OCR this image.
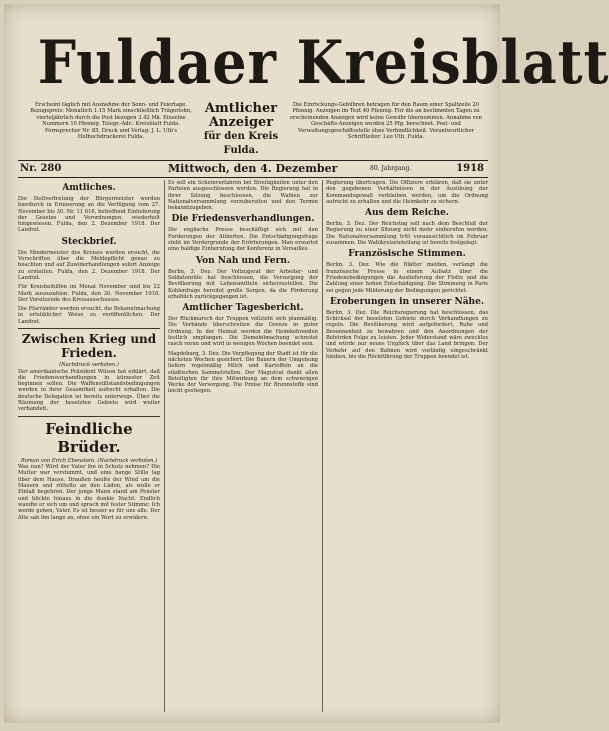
Fuldaer Kreisblatt
Erscheint täglich mit Ausnahme der Sonn- und Feiertage. Bezugspreis: Monatlich 1.15 Mark einschließlich Trägerlohn, vierteljährlich durch die Post bezogen 3.42 Mk. Einzelne Nummern 10 Pfennig. Telegr.-Adr.: Kreisblatt Fulda. Fernsprecher Nr. 85. Druck und Verlag: J. L. Uth's Hofbuchdruckerei Fulda.
Amtlicher
Anzeiger
für den Kreis
Fulda.
Die Einrückungs-Gebühren betragen für den Raum einer Spaltzeile 20 Pfennig. Anzeigen im Text 40 Pfennig. Für die an bestimmten Tagen zu erscheinenden Anzeigen wird keine Gewähr übernommen. Annahme von Geschäfts-Anzeigen werden 25 Pfg. berechnet. Post- und Verwaltungsgeschäftsstelle ohne Verbindlichkeit. Verantwortlicher Schriftleiter: Leo Uth, Fulda.
Nr. 280	Mittwoch, den 4. Dezember	80. Jahrgang.	1918
Amtliches.

Die Stellvertretung der Bürgermeister werden hierdurch in Erinnerung an die Verfügung vom 27. November bis 30. Nr. 11 616, betreffend Einlieferung der Gesetze und Verordnungen, wiederholt hingewiesen. Fulda, den 2. Dezember 1918. Der Landrat.

Steckbrief.

Die Mindermeister des Kreises werden ersucht, die Vorschriften über die Meldepflicht genau zu beachten und auf Zuwiderhandlungen sofort Anzeige zu erstatten. Fulda, den 2. Dezember 1918. Der Landrat.

Für Kreisbeihilfen im Monat November sind bis 22 Mark auszuzahlen. Fulda, den 30. November 1918. Der Vorsitzende des Kreisausschusses.

Die Pfarrämter werden ersucht, die Bekanntmachung in ortsüblicher Weise zu veröffentlichen. Der Landrat.

Zwischen Krieg und Frieden.
(Nachdruck verboten.)

Der amerikanische Präsident Wilson hat erklärt, daß die Friedensverhandlungen in kürzester Zeit beginnen sollen. Die Waffenstillstandsbedingungen werden in ihrer Gesamtheit aufrecht erhalten. Die deutsche Delegation ist bereits unterwegs. Über die Räumung der besetzten Gebiete wird weiter verhandelt.

Feindliche Brüder.
Roman von Erich Ebenstein. (Nachdruck verboten.)

Was nun? Wird der Vater ihn in Schutz nehmen? Die Mutter war verstummt, und eine bange Stille lag über dem Hause. Draußen heulte der Wind um die Mauern und rüttelte an den Läden, als wolle er Einlaß begehren. Der junge Mann stand am Fenster und blickte hinaus in die dunkle Nacht. Endlich wandte er sich um und sprach mit fester Stimme: Ich werde gehen, Vater. Es ist besser so für uns alle. Der Alte sah ihn lange an, ohne ein Wort zu erwidern.

Es soll ein Scheinverfahren bei Streitigkeiten unter den Parteien ausgeschlossen werden. Die Regierung hat in ihrer Sitzung beschlossen, die Wahlen zur Nationalversammlung vorzubereiten und den Termin bekanntzugeben.

Die Friedensverhandlungen.

Die englische Presse beschäftigt sich mit den Forderungen der Alliierten. Die Entschädigungsfrage steht im Vordergrunde der Erörterungen. Man erwartet eine baldige Einberufung der Konferenz in Versailles.

Von Nah und Fern.

Berlin, 3. Dez. Der Vollzugsrat der Arbeiter- und Soldatenräte hat beschlossen, die Versorgung der Bevölkerung mit Lebensmitteln sicherzustellen. Die Kohlenfrage bereitet große Sorgen, da die Förderung erheblich zurückgegangen ist.

Amtlicher Tagesbericht.

Der Rückmarsch der Truppen vollzieht sich planmäßig. Die Verbände überschreiten die Grenze in guter Ordnung. In der Heimat werden die Heimkehrenden festlich empfangen. Die Demobilmachung schreitet rasch voran und wird in wenigen Wochen beendet sein.

Magdeburg, 3. Dez. Die Verpflegung der Stadt ist für die nächsten Wochen gesichert. Die Bauern der Umgebung liefern regelmäßig Milch und Kartoffeln an die städtischen Sammelstellen. Der Magistrat dankt allen Beteiligten für ihre Mitwirkung an dem schwierigen Werke der Versorgung. Die Preise für Brennstoffe sind leicht gestiegen.

Regierung übertragen. Die Offiziere erklären, daß sie unter den gegebenen Verhältnissen in der Ausübung der Kommandogewalt verbleiben werden, um die Ordnung aufrecht zu erhalten und die Heimkehr zu sichern.

Aus dem Reiche.

Berlin, 3. Dez. Der Reichstag soll nach dem Beschluß der Regierung zu einer Sitzung nicht mehr einberufen werden. Die Nationalversammlung tritt voraussichtlich im Februar zusammen. Die Wahlkreiseinteilung ist bereits festgelegt.

Französische Stimmen.

Berlin, 3. Dez. Wie die Blätter melden, verlangt die französische Presse in einem Aufsatz über die Friedensbedingungen die Auslieferung der Flotte und die Zahlung einer hohen Entschädigung. Die Stimmung in Paris sei gegen jede Milderung der Bedingungen gerichtet.

Eroberungen in unserer Nähe.

Berlin, 3. Dez. Die Reichsregierung hat beschlossen, das Schicksal der besetzten Gebiete durch Verhandlungen zu regeln. Die Bevölkerung wird aufgefordert, Ruhe und Besonnenheit zu bewahren und den Anordnungen der Behörden Folge zu leisten. Jeder Widerstand wäre zwecklos und würde nur neues Unglück über das Land bringen. Der Verkehr auf den Bahnen wird vorläufig eingeschränkt bleiben, bis die Rückführung der Truppen beendet ist.
